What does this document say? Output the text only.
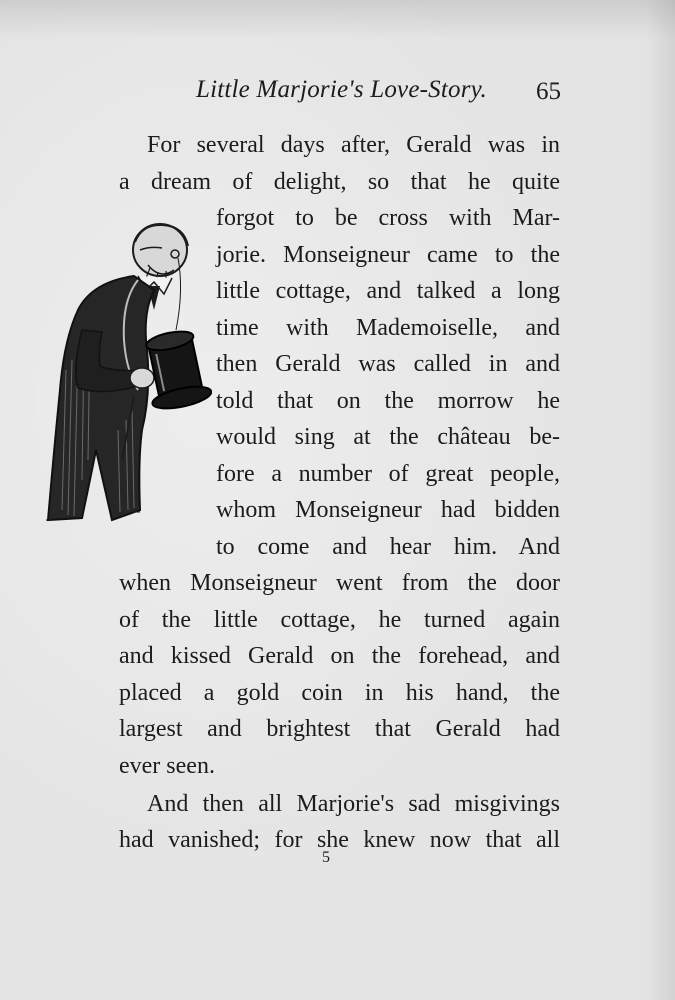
Little Marjorie's Love-Story. 65
For several days after, Gerald was in
a dream of delight, so that he quite
forgot to be cross with Mar-
jorie. Monseigneur came to the
little cottage, and talked a long
time with Mademoiselle, and
then Gerald was called in and
told that on the morrow he
would sing at the château be-
fore a number of great people,
whom Monseigneur had bidden
to come and hear him. And
when Monseigneur went from the door
of the little cottage, he turned again
and kissed Gerald on the forehead, and
placed a gold coin in his hand, the
largest and brightest that Gerald had
ever seen.
And then all Marjorie's sad misgivings
had vanished; for she knew now that all
5
